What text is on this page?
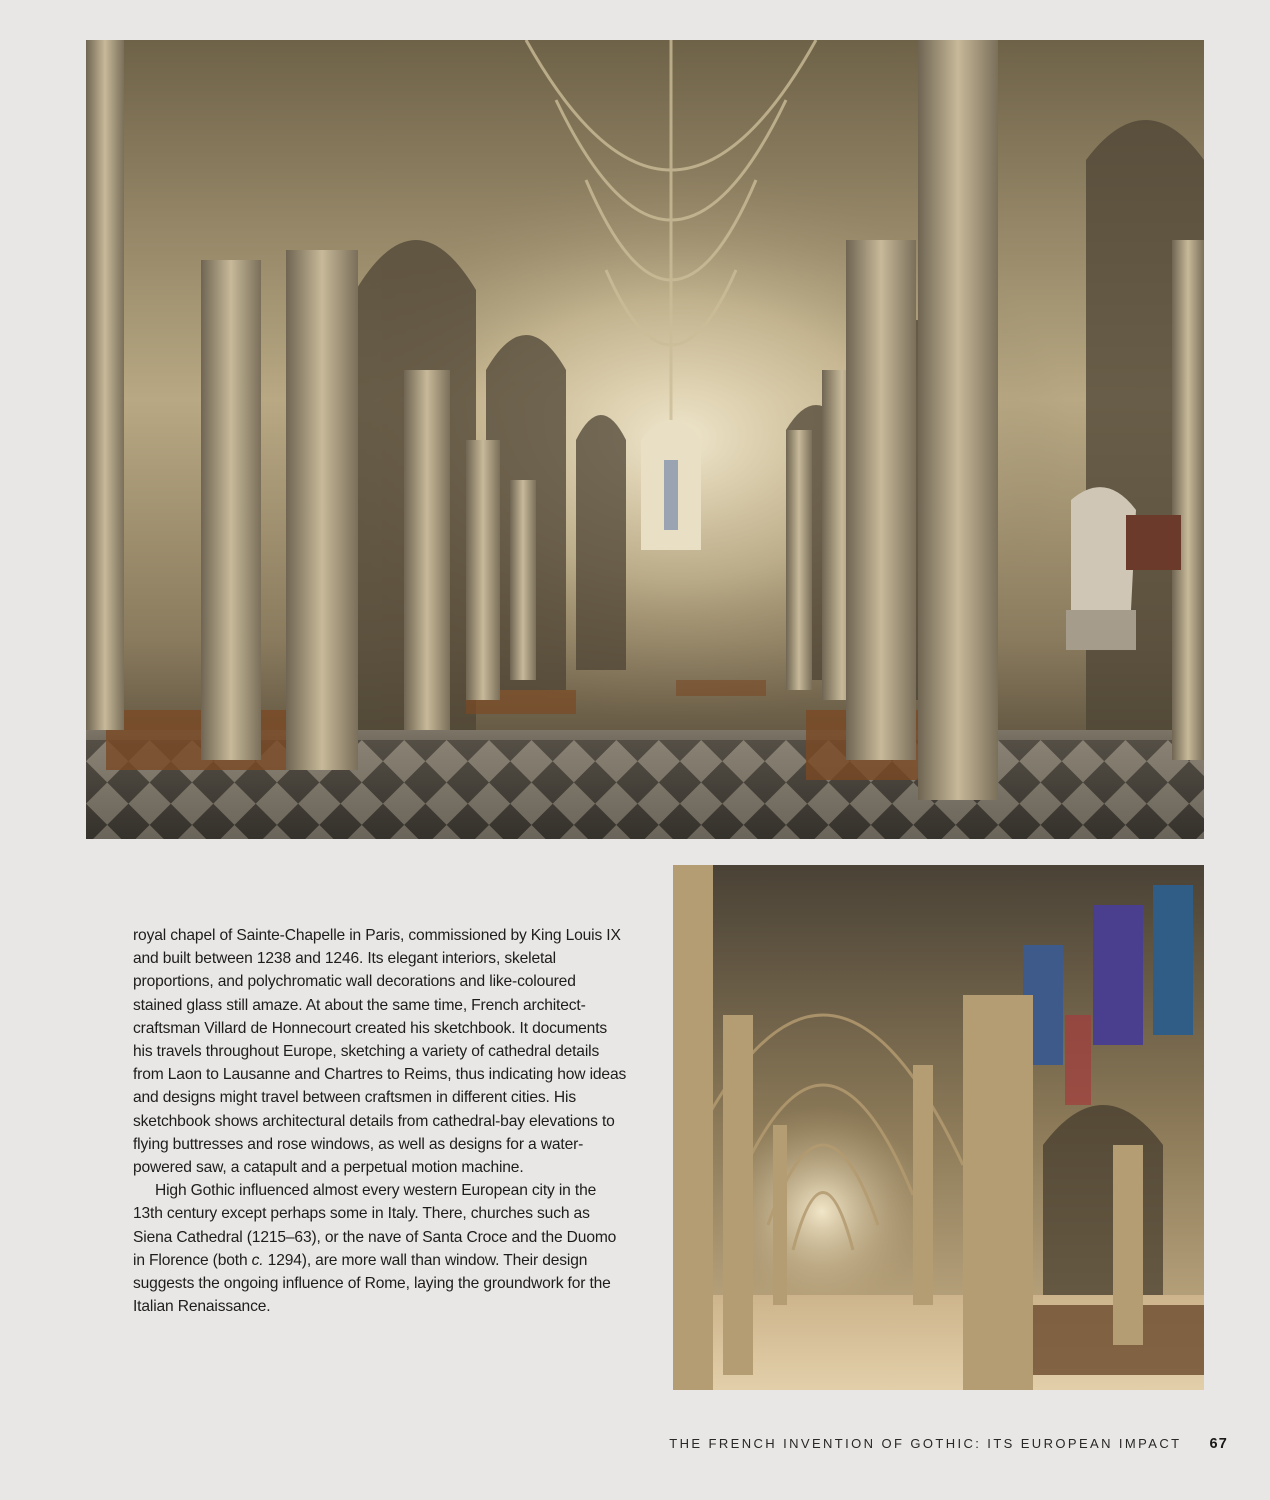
royal chapel of Sainte-Chapelle in Paris, commissioned by King Louis IX and built between 1238 and 1246. Its elegant interiors, skeletal proportions, and polychromatic wall decorations and like-coloured stained glass still amaze. At about the same time, French architect-craftsman Villard de Honnecourt created his sketchbook. It documents his travels throughout Europe, sketching a variety of cathedral details from Laon to Lausanne and Chartres to Reims, thus indicating how ideas and designs might travel between craftsmen in different cities. His sketchbook shows architectural details from cathedral-bay elevations to flying buttresses and rose windows, as well as designs for a water-powered saw, a catapult and a perpetual motion machine.

High Gothic influenced almost every western European city in the 13th century except perhaps some in Italy. There, churches such as Siena Cathedral (1215–63), or the nave of Santa Croce and the Duomo in Florence (both c. 1294), are more wall than window. Their design suggests the ongoing influence of Rome, laying the groundwork for the Italian Renaissance.

THE FRENCH INVENTION OF GOTHIC: ITS EUROPEAN IMPACT 67
